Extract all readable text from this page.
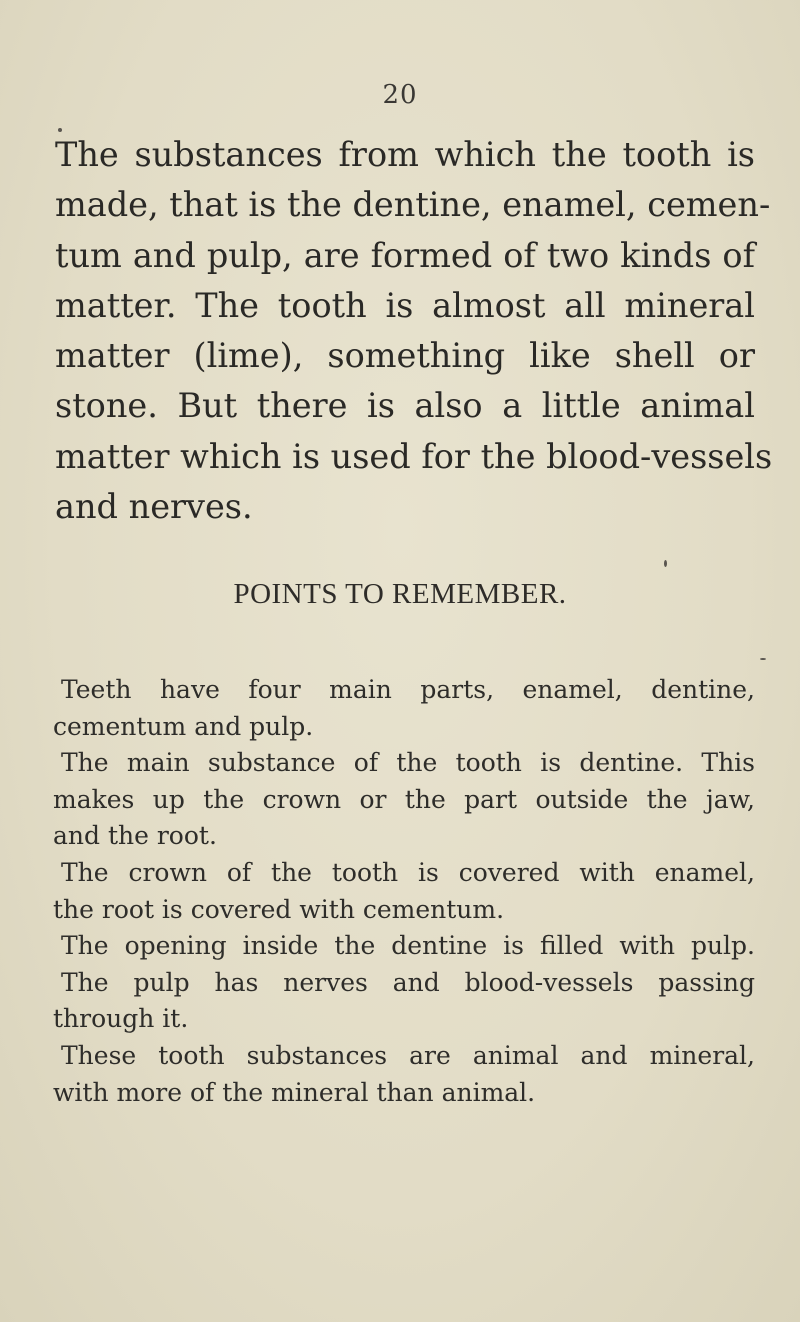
20
The substances from which the tooth is
made, that is the dentine, enamel, cemen-
tum and pulp, are formed of two kinds of
matter. The tooth is almost all mineral
matter (lime), something like shell or
stone. But there is also a little animal
matter which is used for the blood-vessels
and nerves.
POINTS TO REMEMBER.
Teeth have four main parts, enamel, dentine,
cementum and pulp.
The main substance of the tooth is dentine. This
makes up the crown or the part outside the jaw,
and the root.
The crown of the tooth is covered with enamel,
the root is covered with cementum.
The opening inside the dentine is filled with pulp.
The pulp has nerves and blood-vessels passing
through it.
These tooth substances are animal and mineral,
with more of the mineral than animal.
